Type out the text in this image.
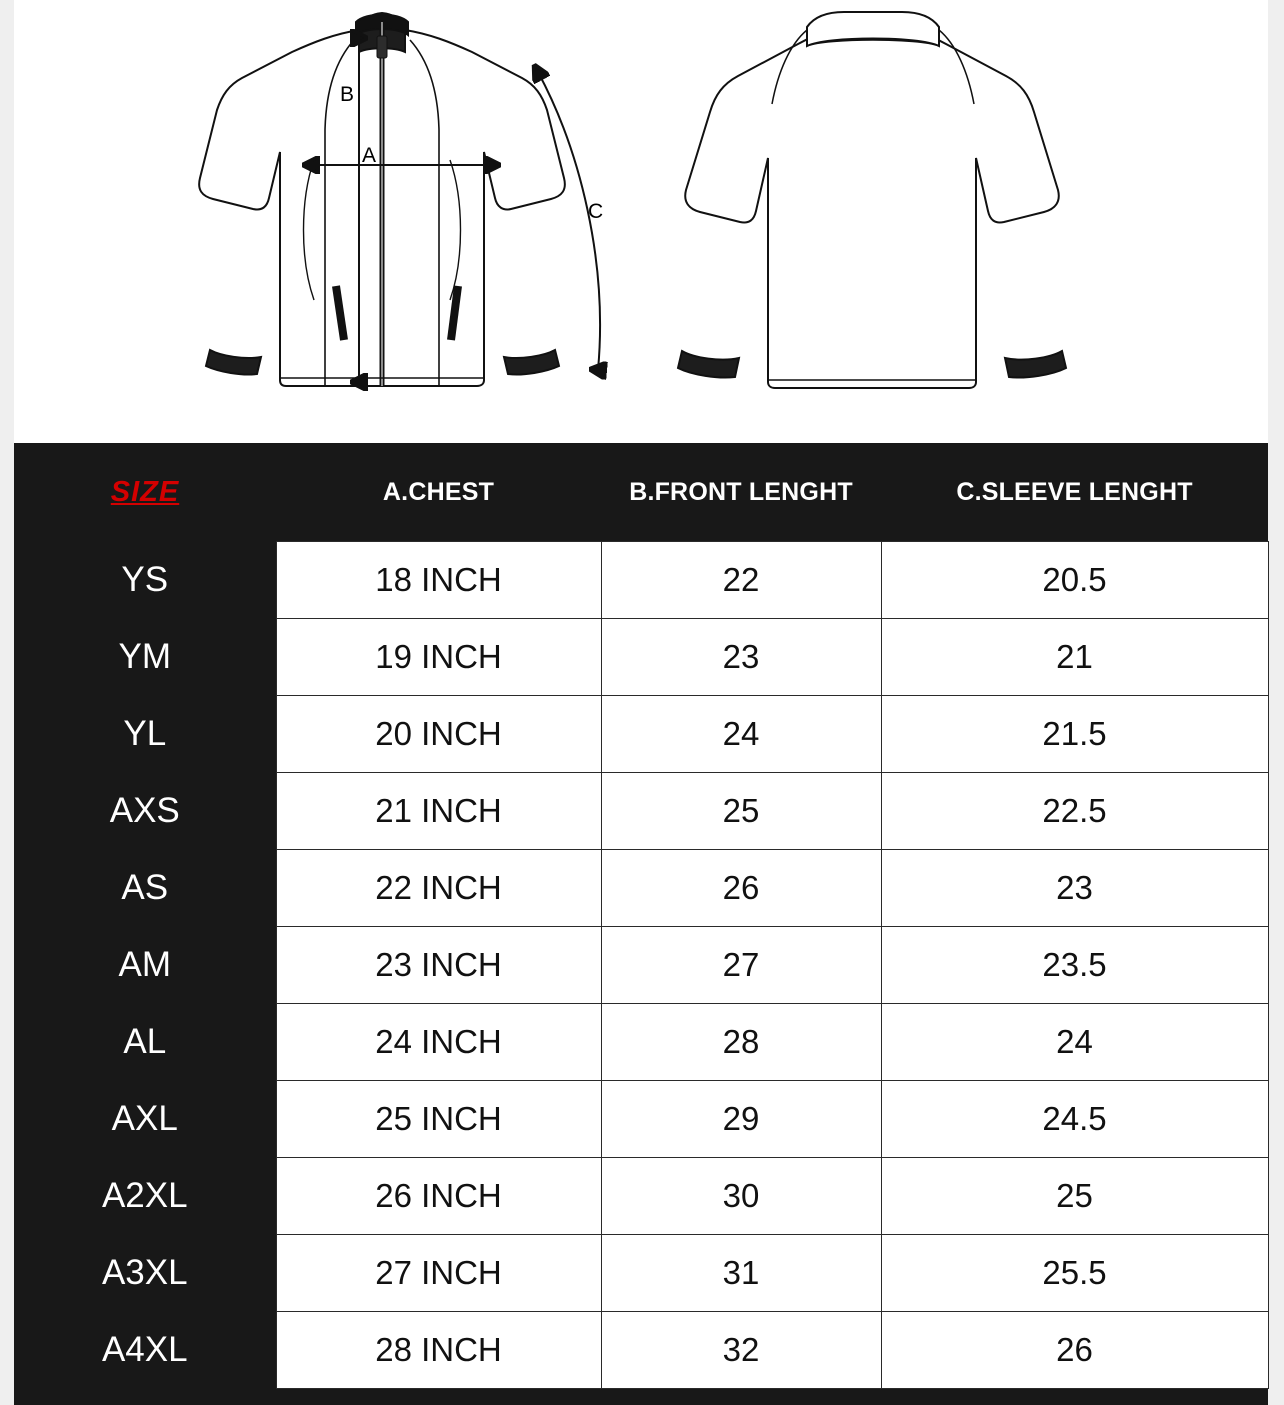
B
A
C
SIZE	A.CHEST	B.FRONT LENGHT	C.SLEEVE LENGHT
YS	18 INCH	22	20.5
YM	19 INCH	23	21
YL	20 INCH	24	21.5
AXS	21 INCH	25	22.5
AS	22 INCH	26	23
AM	23 INCH	27	23.5
AL	24 INCH	28	24
AXL	25 INCH	29	24.5
A2XL	26 INCH	30	25
A3XL	27 INCH	31	25.5
A4XL	28 INCH	32	26
